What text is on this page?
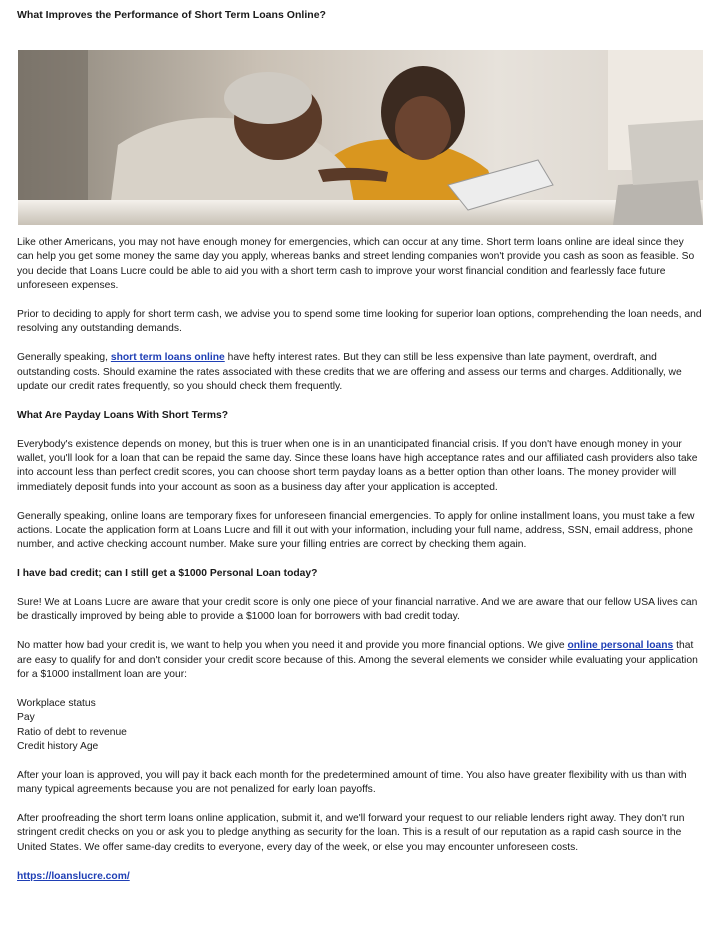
What Improves the Performance of Short Term Loans Online?

Like other Americans, you may not have enough money for emergencies, which can occur at any time. Short term loans online are ideal since they can help you get some money the same day you apply, whereas banks and street lending companies won't provide you cash as soon as feasible. So you decide that Loans Lucre could be able to aid you with a short term cash to improve your worst financial condition and fearlessly face future unforeseen expenses.

Prior to deciding to apply for short term cash, we advise you to spend some time looking for superior loan options, comprehending the loan needs, and resolving any outstanding demands.

Generally speaking, short term loans online have hefty interest rates. But they can still be less expensive than late payment, overdraft, and outstanding costs. Should examine the rates associated with these credits that we are offering and assess our terms and charges. Additionally, we update our credit rates frequently, so you should check them frequently.

What Are Payday Loans With Short Terms?

Everybody's existence depends on money, but this is truer when one is in an unanticipated financial crisis. If you don't have enough money in your wallet, you'll look for a loan that can be repaid the same day. Since these loans have high acceptance rates and our affiliated cash providers also take into account less than perfect credit scores, you can choose short term payday loans as a better option than other loans. The money provider will immediately deposit funds into your account as soon as a business day after your application is accepted.

Generally speaking, online loans are temporary fixes for unforeseen financial emergencies. To apply for online installment loans, you must take a few actions. Locate the application form at Loans Lucre and fill it out with your information, including your full name, address, SSN, email address, phone number, and active checking account number. Make sure your filling entries are correct by checking them again.

I have bad credit; can I still get a $1000 Personal Loan today?

Sure! We at Loans Lucre are aware that your credit score is only one piece of your financial narrative. And we are aware that our fellow USA lives can be drastically improved by being able to provide a $1000 loan for borrowers with bad credit today.

No matter how bad your credit is, we want to help you when you need it and provide you more financial options. We give online personal loans that are easy to qualify for and don't consider your credit score because of this. Among the several elements we consider while evaluating your application for a $1000 installment loan are your:

Workplace status
Pay
Ratio of debt to revenue
Credit history Age

After your loan is approved, you will pay it back each month for the predetermined amount of time. You also have greater flexibility with us than with many typical agreements because you are not penalized for early loan payoffs.

After proofreading the short term loans online application, submit it, and we'll forward your request to our reliable lenders right away. They don't run stringent credit checks on you or ask you to pledge anything as security for the loan. This is a result of our reputation as a rapid cash source in the United States. We offer same-day credits to everyone, every day of the week, or else you may encounter unforeseen costs.

https://loanslucre.com/
